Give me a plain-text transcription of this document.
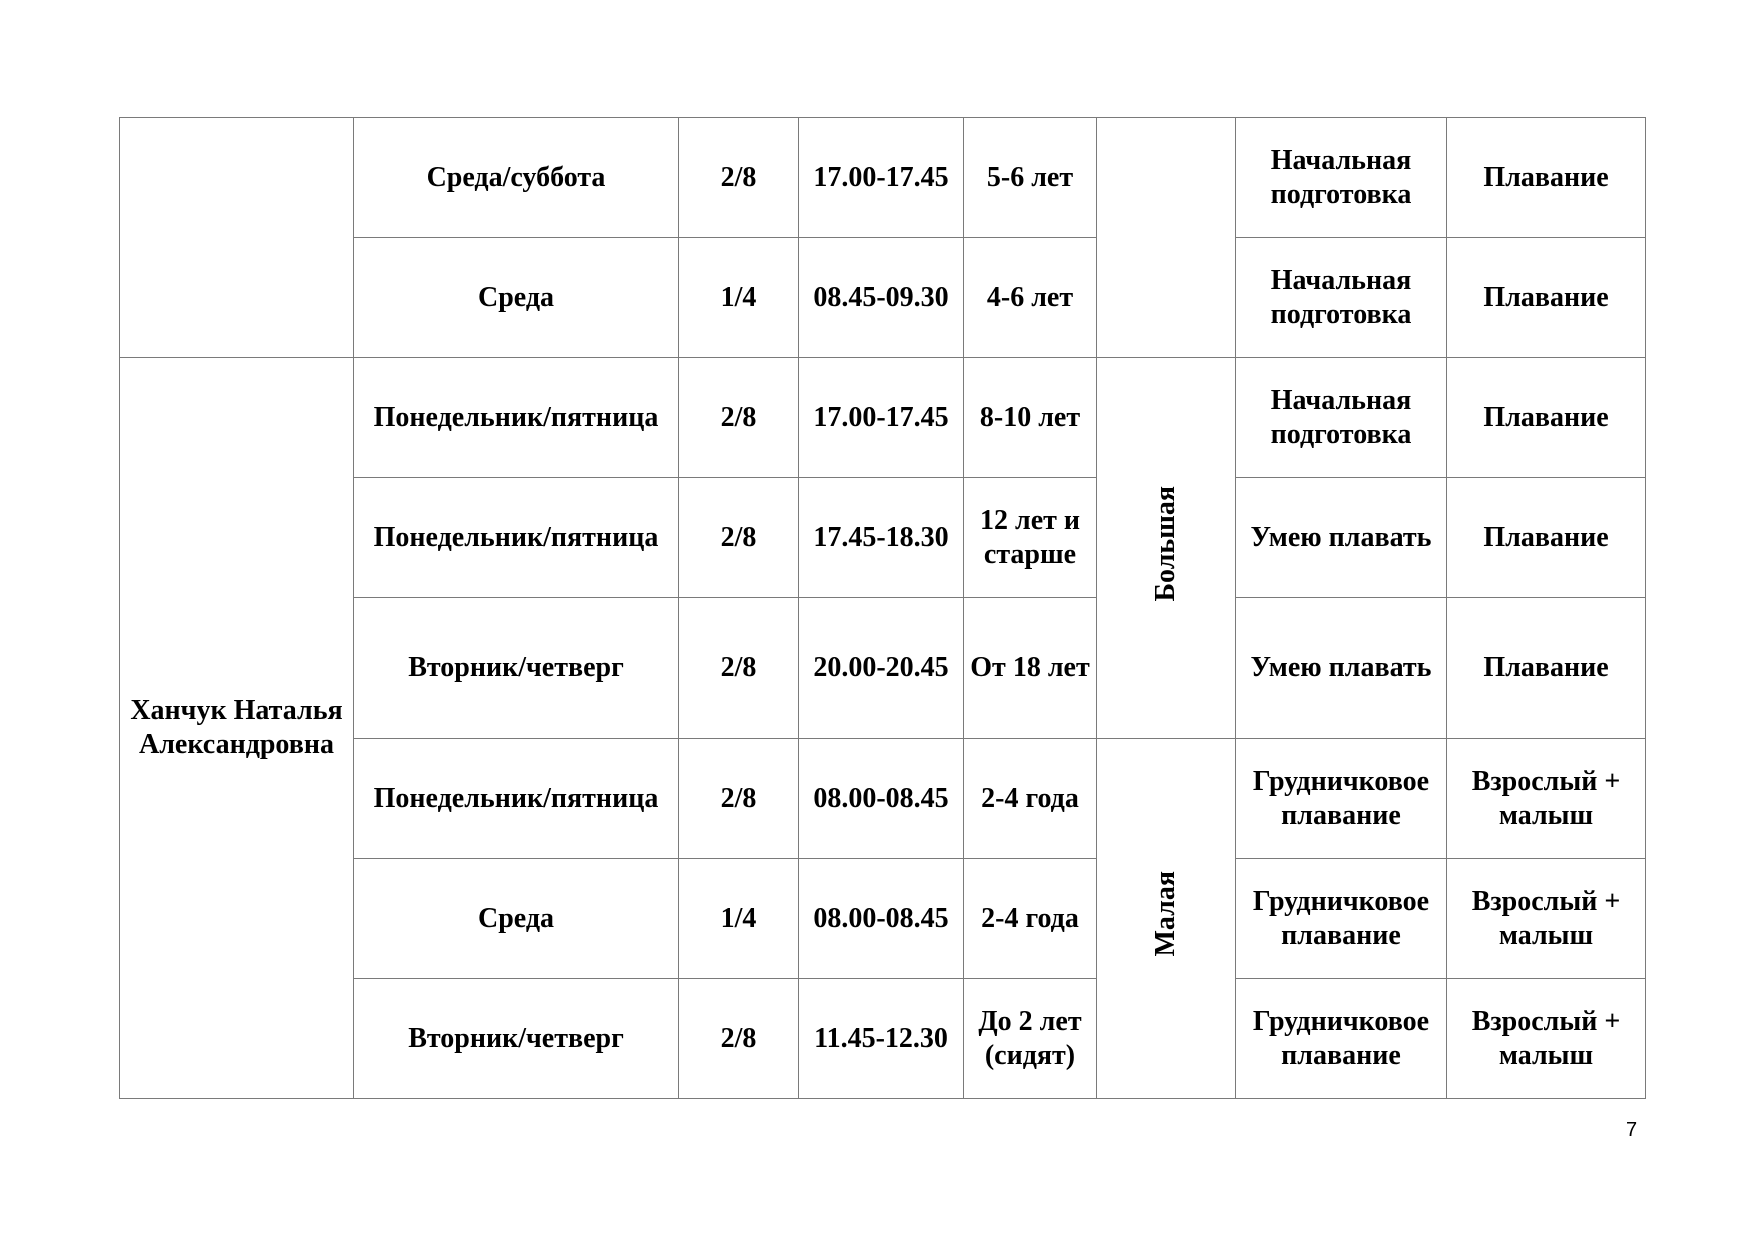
	Среда/суббота	2/8	17.00-17.45	5-6 лет		Начальная подготовка	Плавание
	Среда	1/4	08.45-09.30	4-6 лет		Начальная подготовка	Плавание
Ханчук Наталья Александровна	Понедельник/пятница	2/8	17.00-17.45	8-10 лет	Большая	Начальная подготовка	Плавание
	Понедельник/пятница	2/8	17.45-18.30	12 лет и старше		Умею плавать	Плавание
	Вторник/четверг	2/8	20.00-20.45	От 18 лет		Умею плавать	Плавание
	Понедельник/пятница	2/8	08.00-08.45	2-4 года	Малая	Грудничковое плавание	Взрослый + малыш
	Среда	1/4	08.00-08.45	2-4 года		Грудничковое плавание	Взрослый + малыш
	Вторник/четверг	2/8	11.45-12.30	До 2 лет (сидят)		Грудничковое плавание	Взрослый + малыш
7
